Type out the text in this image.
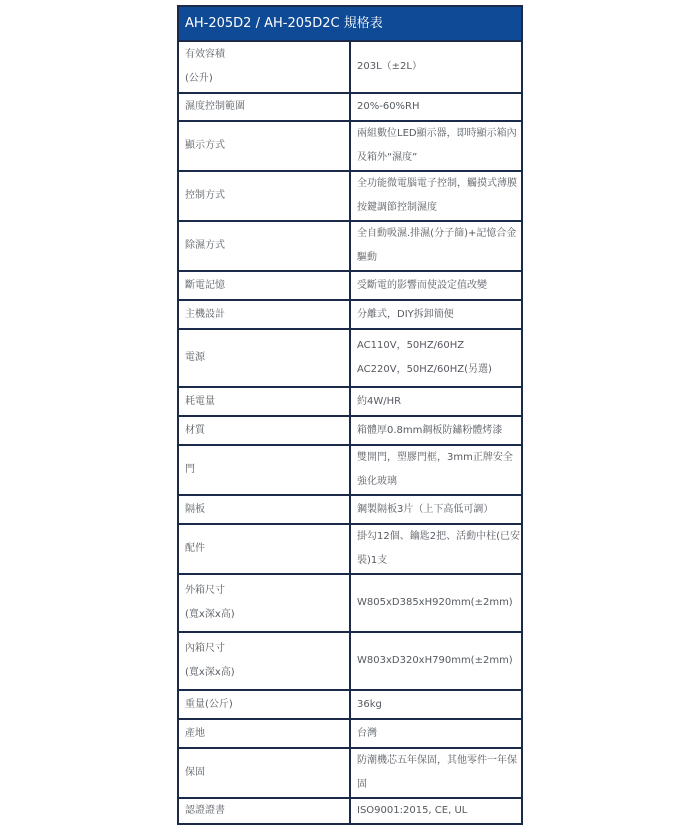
AH-205D2 / AH-205D2C 規格表	

有效容積
(公升)	203L（±2L）

濕度控制範圍	20%-60%RH

顯示方式	兩組數位LED顯示器，即時顯示箱內及箱外“濕度”

控制方式	全功能微電腦電子控制，觸摸式薄膜按鍵調節控制濕度

除濕方式	全自動吸濕.排濕(分子篩)+記憶合金驅動

斷電記憶	受斷電的影響而使設定值改變

主機設計	分離式，DIY拆卸簡便

電源	AC110V，50HZ/60HZ
AC220V，50HZ/60HZ(另選)

耗電量	約4W/HR

材質	箱體厚0.8mm鋼板防鏽粉體烤漆

門	雙開門，塑膠門框，3mm正牌安全強化玻璃

隔板	鋼製隔板3片（上下高低可調）

配件	掛勾12個、鑰匙2把、活動中柱(已安裝)1支

外箱尺寸
(寬x深x高)	W805xD385xH920mm(±2mm)

內箱尺寸
(寬x深x高)	W803xD320xH790mm(±2mm)

重量(公斤)	36kg

產地	台灣

保固	防潮機芯五年保固，其他零件一年保固

認證證書	ISO9001:2015, CE, UL
